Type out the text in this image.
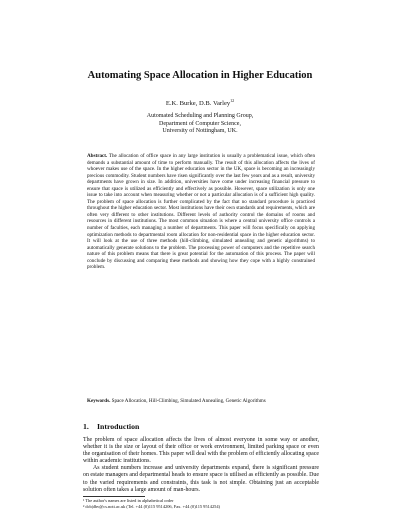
Automating Space Allocation in Higher Education
E.K. Burke, D.B. Varley$^{12}$
Automated Scheduling and Planning Group,
Department of Computer Science,
University of Nottingham, UK.
Abstract. The allocation of office space in any large institution is usually a problematical issue, which often demands a substantial amount of time to perform manually. The result of this allocation affects the lives of whoever makes use of the space. In the higher education sector in the UK, space is becoming an increasingly precious commodity. Student numbers have risen significantly over the last few years and as a result, university departments have grown in size. In addition, universities have come under increasing financial pressure to ensure that space is utilized as efficiently and effectively as possible. However, space utilization is only one issue to take into account when measuring whether or not a particular allocation is of a sufficient high quality. The problem of space allocation is further complicated by the fact that no standard procedure is practiced throughout the higher education sector. Most institutions have their own standards and requirements, which are often very different to other institutions. Different levels of authority control the domains of rooms and resources in different institutions. The most common situation is where a central university office controls a number of faculties, each managing a number of departments. This paper will focus specifically on applying optimization methods to departmental room allocation for non-residential space in the higher education sector. It will look at the use of three methods (hill-climbing, simulated annealing and genetic algorithms) to automatically generate solutions to the problem. The processing power of computers and the repetitive search nature of this problem means that there is great potential for the automation of this process. The paper will conclude by discussing and comparing these methods and showing how they cope with a highly constrained problem.
Keywords. Space Allocation, Hill-Climbing, Simulated Annealing, Genetic Algorithms
1. Introduction

The problem of space allocation affects the lives of almost everyone in some way or another, whether it is the size or layout of their office or work environment, limited parking space or even the organisation of their homes. This paper will deal with the problem of efficiently allocating space within academic institutions.

As student numbers increase and university departments expand, there is significant pressure on estate managers and departmental heads to ensure space is utilised as efficiently as possible. Due to the varied requirements and constraints, this task is not simple. Obtaining just an acceptable solution often takes a large amount of man-hours.

¹ The author's names are listed in alphabetical order
² dcb|dbv@cs.nott.ac.uk (Tel. +44 (0)115 9514206, Fax. +44 (0)115 9514254)
